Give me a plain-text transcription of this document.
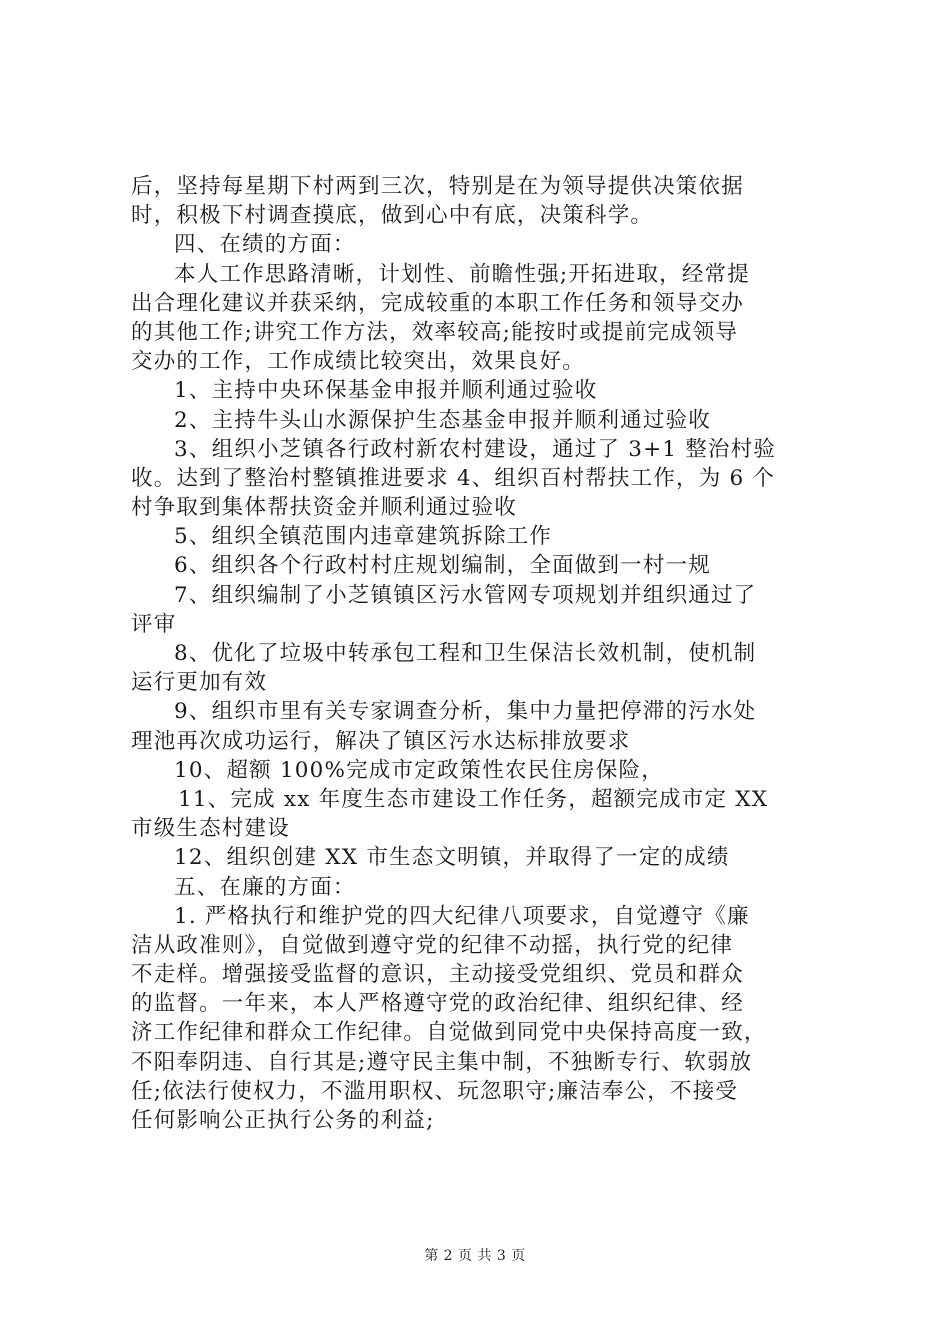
后，坚持每星期下村两到三次，特别是在为领导提供决策依据
时，积极下村调查摸底，做到心中有底，决策科学。
四、在绩的方面：
本人工作思路清晰，计划性、前瞻性强;开拓进取，经常提
出合理化建议并获采纳，完成较重的本职工作任务和领导交办
的其他工作;讲究工作方法，效率较高;能按时或提前完成领导
交办的工作，工作成绩比较突出，效果良好。
1、主持中央环保基金申报并顺利通过验收
2、主持牛头山水源保护生态基金申报并顺利通过验收
3、组织小芝镇各行政村新农村建设，通过了 3+1 整治村验
收。达到了整治村整镇推进要求 4、组织百村帮扶工作，为 6 个
村争取到集体帮扶资金并顺利通过验收
5、组织全镇范围内违章建筑拆除工作
6、组织各个行政村村庄规划编制，全面做到一村一规
7、组织编制了小芝镇镇区污水管网专项规划并组织通过了
评审
8、优化了垃圾中转承包工程和卫生保洁长效机制，使机制
运行更加有效
9、组织市里有关专家调查分析，集中力量把停滞的污水处
理池再次成功运行，解决了镇区污水达标排放要求
10、超额 100%完成市定政策性农民住房保险，
11、完成 xx 年度生态市建设工作任务，超额完成市定 XX
市级生态村建设
12、组织创建 XX 市生态文明镇，并取得了一定的成绩
五、在廉的方面：
1. 严格执行和维护党的四大纪律八项要求，自觉遵守《廉
洁从政准则》，自觉做到遵守党的纪律不动摇，执行党的纪律
不走样。增强接受监督的意识，主动接受党组织、党员和群众
的监督。一年来，本人严格遵守党的政治纪律、组织纪律、经
济工作纪律和群众工作纪律。自觉做到同党中央保持高度一致，
不阳奉阴违、自行其是;遵守民主集中制，不独断专行、软弱放
任;依法行使权力，不滥用职权、玩忽职守;廉洁奉公，不接受
任何影响公正执行公务的利益;
第 2 页 共 3 页
